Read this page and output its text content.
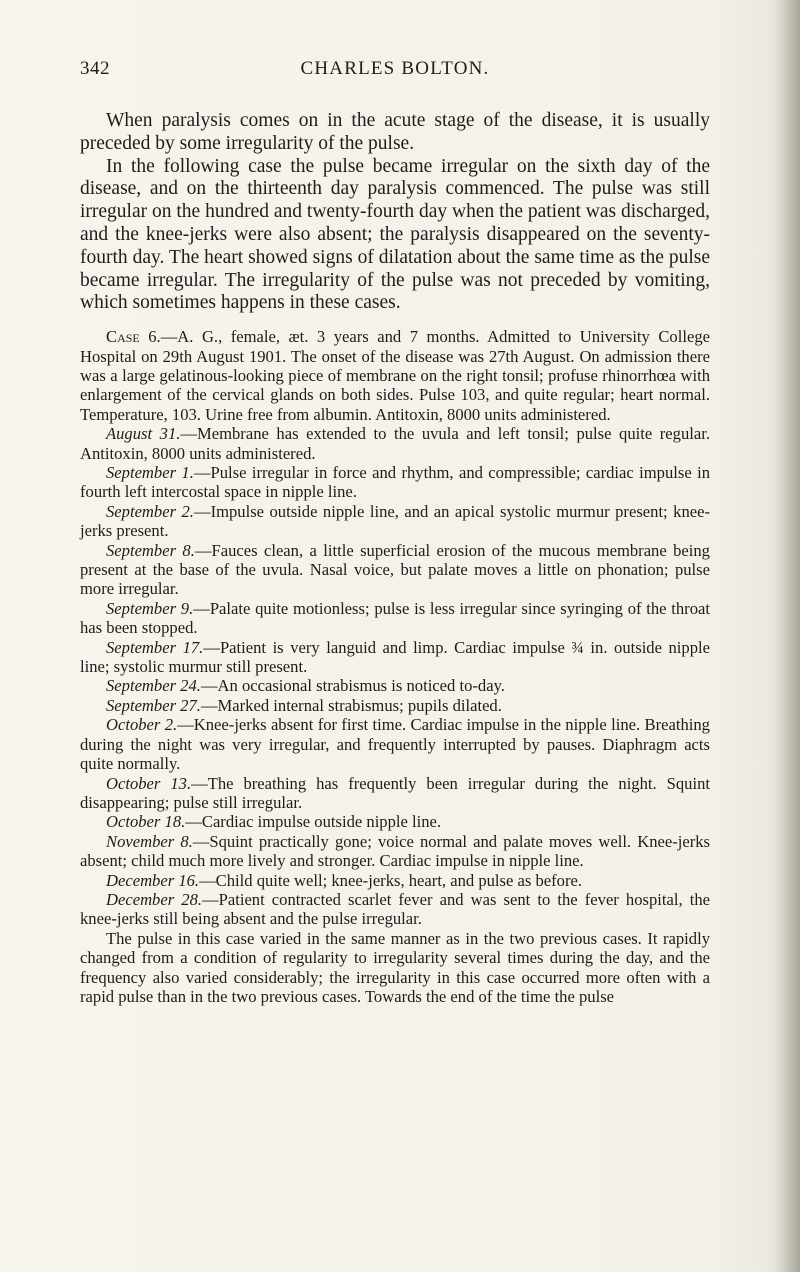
342	CHARLES BOLTON.

When paralysis comes on in the acute stage of the disease, it is usually preceded by some irregularity of the pulse.

In the following case the pulse became irregular on the sixth day of the disease, and on the thirteenth day paralysis commenced. The pulse was still irregular on the hundred and twenty-fourth day when the patient was discharged, and the knee-jerks were also absent; the paralysis disappeared on the seventy-fourth day. The heart showed signs of dilatation about the same time as the pulse became irregular. The irregularity of the pulse was not preceded by vomiting, which sometimes happens in these cases.

Case 6.—A. G., female, æt. 3 years and 7 months. Admitted to University College Hospital on 29th August 1901. The onset of the disease was 27th August. On admission there was a large gelatinous-looking piece of membrane on the right tonsil; profuse rhinorrhœa with enlargement of the cervical glands on both sides. Pulse 103, and quite regular; heart normal. Temperature, 103. Urine free from albumin. Antitoxin, 8000 units administered.

August 31.—Membrane has extended to the uvula and left tonsil; pulse quite regular. Antitoxin, 8000 units administered.

September 1.—Pulse irregular in force and rhythm, and compressible; cardiac impulse in fourth left intercostal space in nipple line.

September 2.—Impulse outside nipple line, and an apical systolic murmur present; knee-jerks present.

September 8.—Fauces clean, a little superficial erosion of the mucous membrane being present at the base of the uvula. Nasal voice, but palate moves a little on phonation; pulse more irregular.

September 9.—Palate quite motionless; pulse is less irregular since syringing of the throat has been stopped.

September 17.—Patient is very languid and limp. Cardiac impulse ¾ in. outside nipple line; systolic murmur still present.

September 24.—An occasional strabismus is noticed to-day.

September 27.—Marked internal strabismus; pupils dilated.

October 2.—Knee-jerks absent for first time. Cardiac impulse in the nipple line. Breathing during the night was very irregular, and frequently interrupted by pauses. Diaphragm acts quite normally.

October 13.—The breathing has frequently been irregular during the night. Squint disappearing; pulse still irregular.

October 18.—Cardiac impulse outside nipple line.

November 8.—Squint practically gone; voice normal and palate moves well. Knee-jerks absent; child much more lively and stronger. Cardiac impulse in nipple line.

December 16.—Child quite well; knee-jerks, heart, and pulse as before.

December 28.—Patient contracted scarlet fever and was sent to the fever hospital, the knee-jerks still being absent and the pulse irregular.

The pulse in this case varied in the same manner as in the two previous cases. It rapidly changed from a condition of regularity to irregularity several times during the day, and the frequency also varied considerably; the irregularity in this case occurred more often with a rapid pulse than in the two previous cases. Towards the end of the time the pulse
